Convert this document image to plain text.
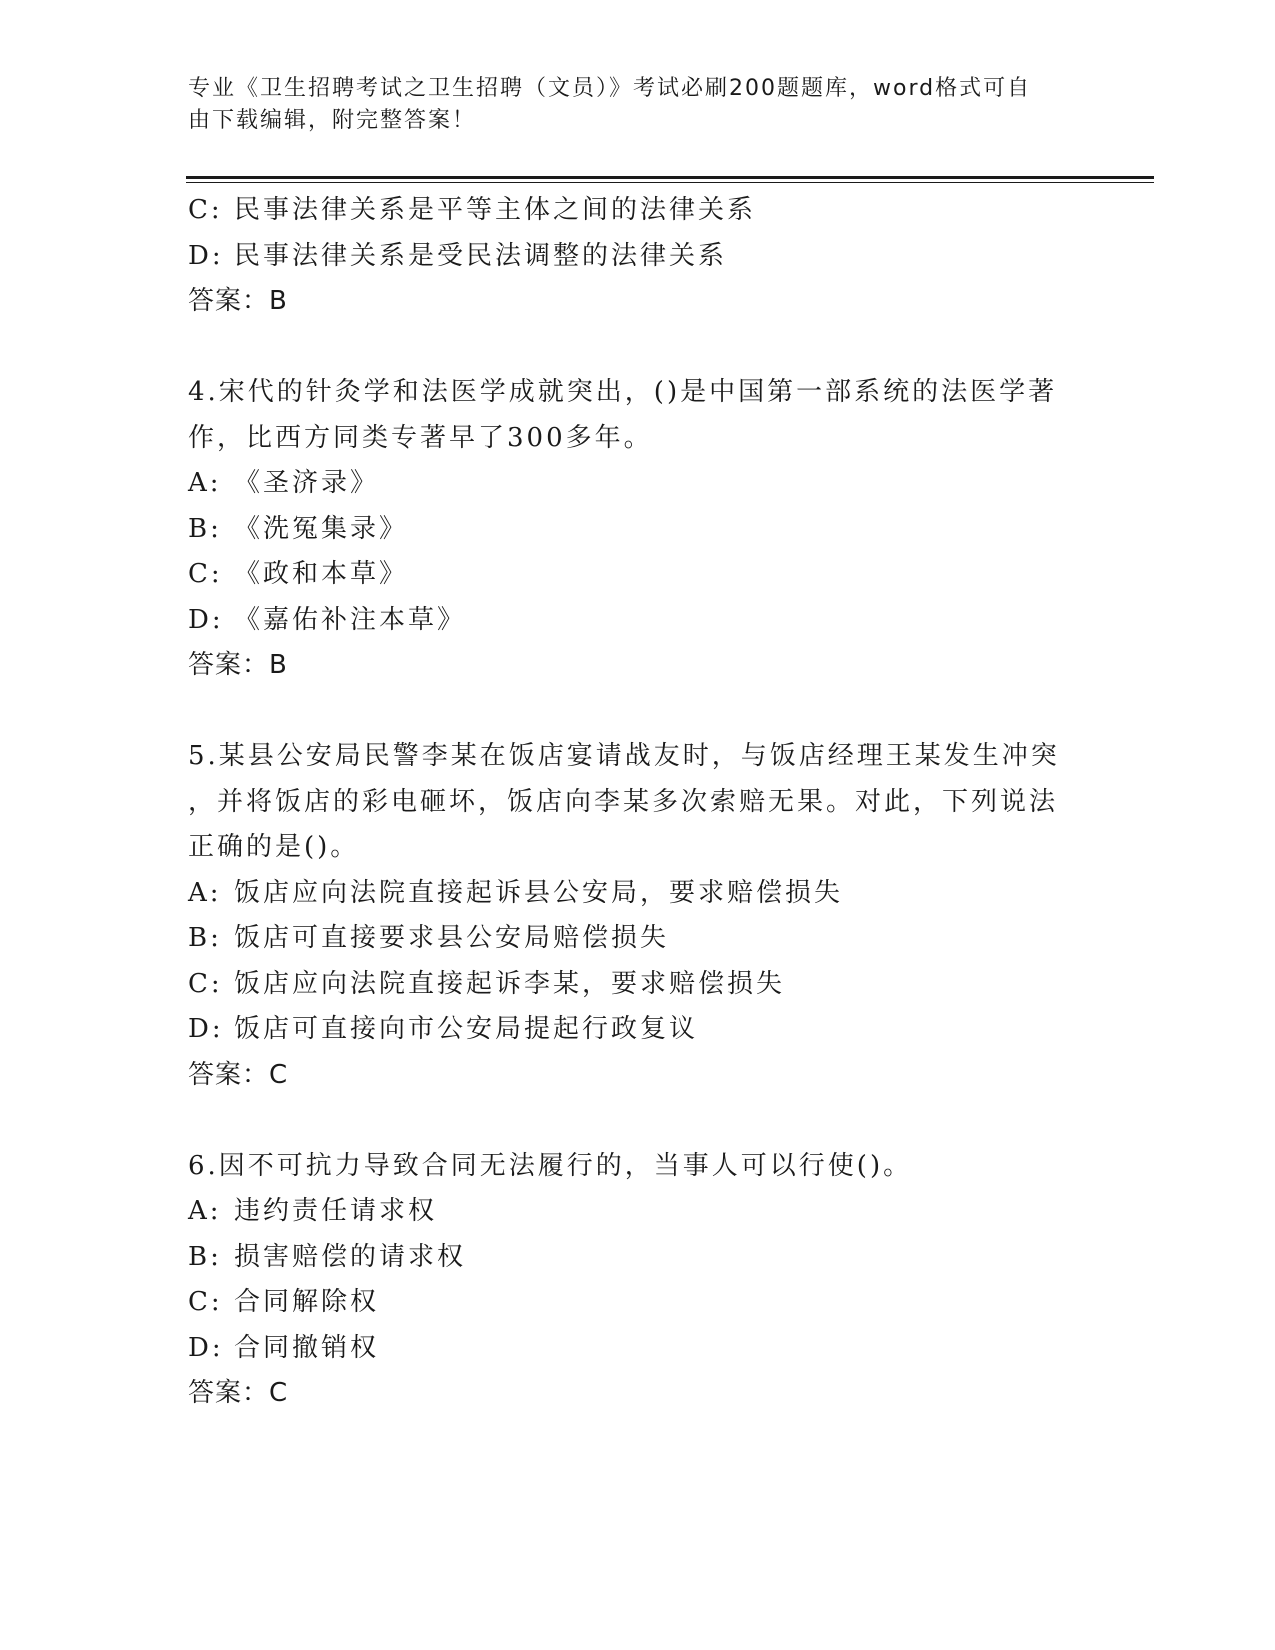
专业《卫生招聘考试之卫生招聘（文员）》考试必刷200题题库，word格式可自
由下载编辑，附完整答案！
C: 民事法律关系是平等主体之间的法律关系
D: 民事法律关系是受民法调整的法律关系
答案：B
4.宋代的针灸学和法医学成就突出，()是中国第一部系统的法医学著
作，比西方同类专著早了300多年。
A: 《圣济录》
B: 《洗冤集录》
C: 《政和本草》
D: 《嘉佑补注本草》
答案：B
5.某县公安局民警李某在饭店宴请战友时，与饭店经理王某发生冲突
，并将饭店的彩电砸坏，饭店向李某多次索赔无果。对此，下列说法
正确的是()。
A: 饭店应向法院直接起诉县公安局，要求赔偿损失
B: 饭店可直接要求县公安局赔偿损失
C: 饭店应向法院直接起诉李某，要求赔偿损失
D: 饭店可直接向市公安局提起行政复议
答案：C
6.因不可抗力导致合同无法履行的，当事人可以行使()。
A: 违约责任请求权
B: 损害赔偿的请求权
C: 合同解除权
D: 合同撤销权
答案：C
